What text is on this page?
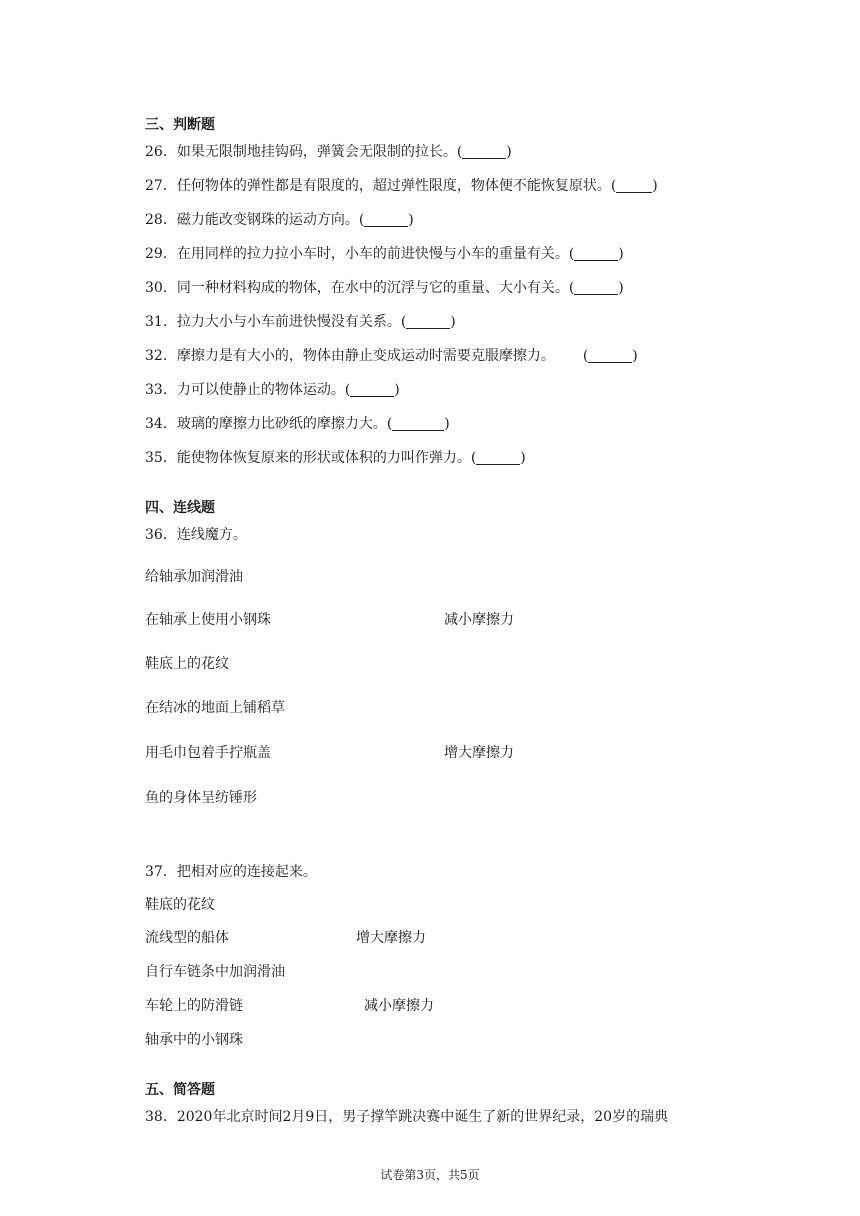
三、判断题
26．如果无限制地挂钩码，弹簧会无限制的拉长。(	)
27．任何物体的弹性都是有限度的，超过弹性限度，物体便不能恢复原状。(	)
28．磁力能改变钢珠的运动方向。(	)
29．在用同样的拉力拉小车时，小车的前进快慢与小车的重量有关。(	)
30．同一种材料构成的物体，在水中的沉浮与它的重量、大小有关。(	)
31．拉力大小与小车前进快慢没有关系。(	)
32．摩擦力是有大小的，物体由静止变成运动时需要克服摩擦力。 (	)
33．力可以使静止的物体运动。(	)
34．玻璃的摩擦力比砂纸的摩擦力大。(	)
35．能使物体恢复原来的形状或体积的力叫作弹力。(	)
四、连线题
36．连线魔方。
给轴承加润滑油
在轴承上使用小钢珠
鞋底上的花纹
在结冰的地面上铺稻草
用毛巾包着手拧瓶盖
鱼的身体呈纺锤形
减小摩擦力
增大摩擦力
37．把相对应的连接起来。
鞋底的花纹
流线型的船体
自行车链条中加润滑油
车轮上的防滑链
轴承中的小钢珠
增大摩擦力
减小摩擦力
五、简答题
38．2020年北京时间2月9日，男子撑竿跳决赛中诞生了新的世界纪录，20岁的瑞典
试卷第3页，共5页
